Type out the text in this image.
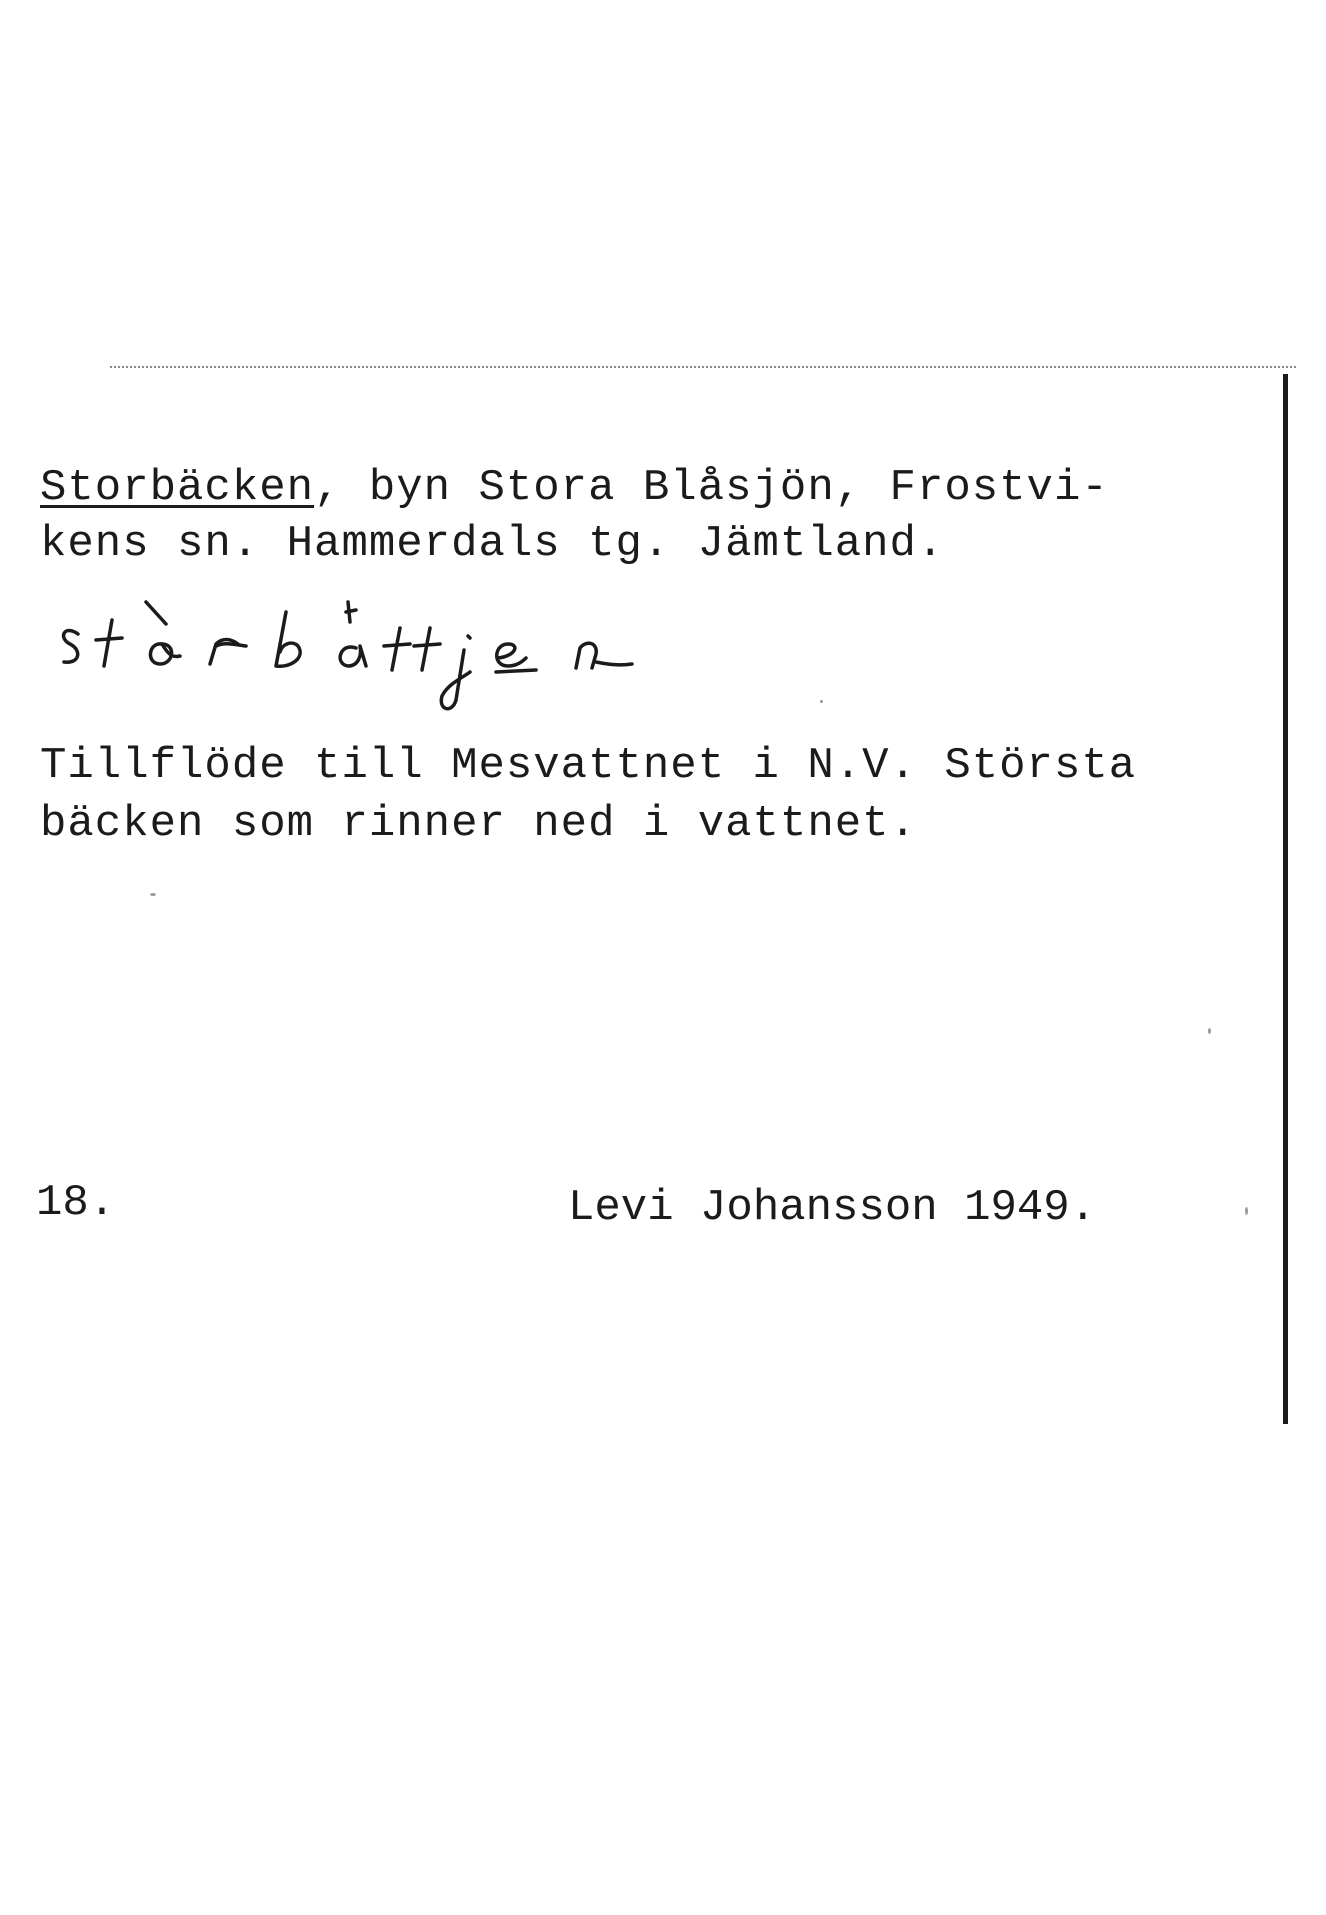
Storbäcken, byn Stora Blåsjön, Frostvi-
kens sn. Hammerdals tg. Jämtland.
Tillflöde till Mesvattnet i N.V. Största
bäcken som rinner ned i vattnet.
18.	Levi Johansson 1949.
